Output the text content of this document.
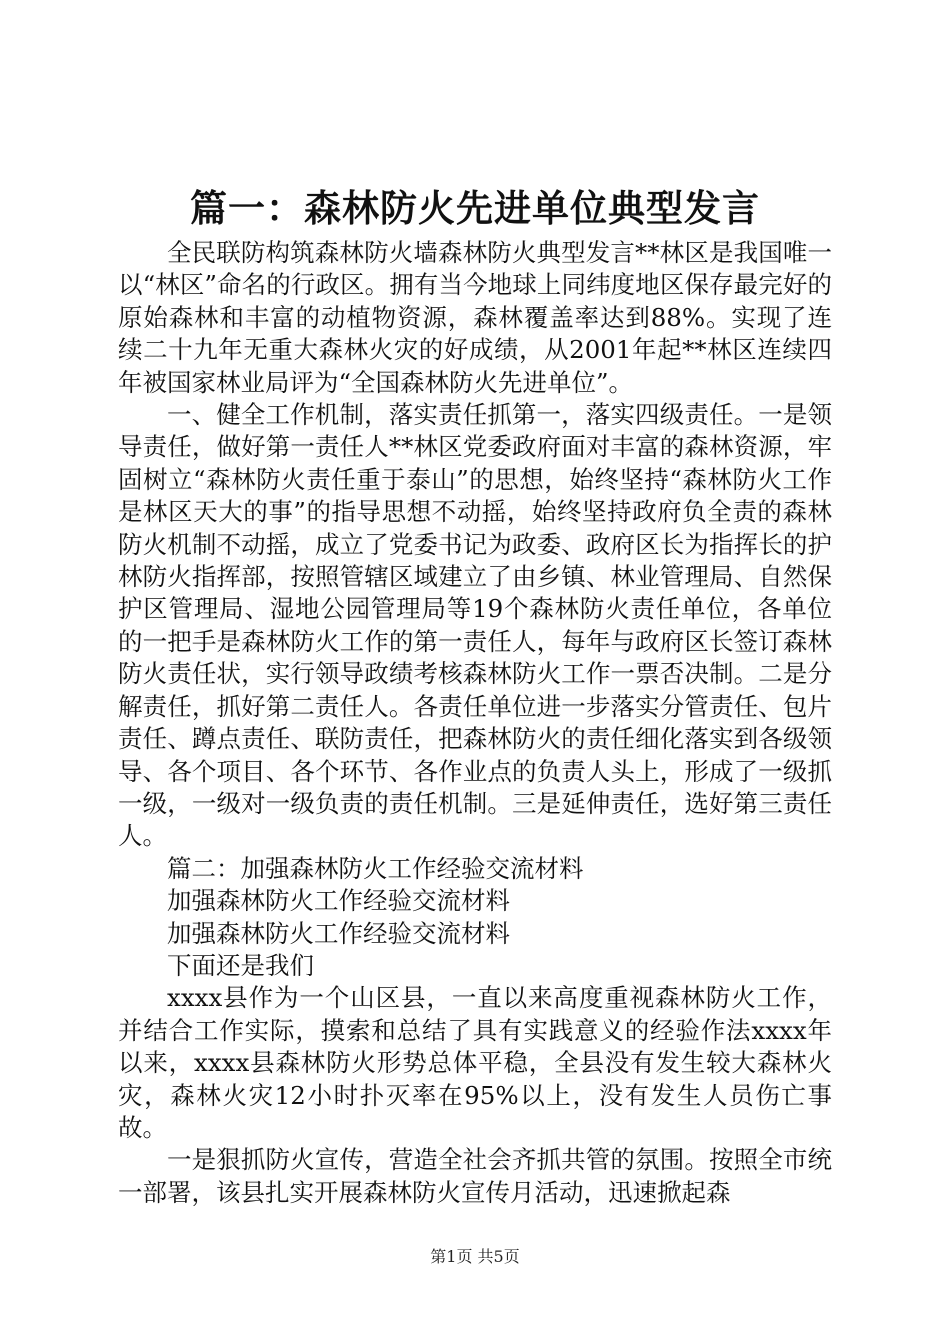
篇一：森林防火先进单位典型发言

全民联防构筑森林防火墙森林防火典型发言**林区是我国唯一以“林区”命名的行政区。拥有当今地球上同纬度地区保存最完好的原始森林和丰富的动植物资源，森林覆盖率达到88%。实现了连续二十九年无重大森林火灾的好成绩，从2001年起**林区连续四年被国家林业局评为“全国森林防火先进单位”。

一、健全工作机制，落实责任抓第一，落实四级责任。一是领导责任，做好第一责任人**林区党委政府面对丰富的森林资源，牢固树立“森林防火责任重于泰山”的思想，始终坚持“森林防火工作是林区天大的事”的指导思想不动摇，始终坚持政府负全责的森林防火机制不动摇，成立了党委书记为政委、政府区长为指挥长的护林防火指挥部，按照管辖区域建立了由乡镇、林业管理局、自然保护区管理局、湿地公园管理局等19个森林防火责任单位，各单位的一把手是森林防火工作的第一责任人，每年与政府区长签订森林防火责任状，实行领导政绩考核森林防火工作一票否决制。二是分解责任，抓好第二责任人。各责任单位进一步落实分管责任、包片责任、蹲点责任、联防责任，把森林防火的责任细化落实到各级领导、各个项目、各个环节、各作业点的负责人头上，形成了一级抓一级，一级对一级负责的责任机制。三是延伸责任，选好第三责任人。

篇二：加强森林防火工作经验交流材料

加强森林防火工作经验交流材料

加强森林防火工作经验交流材料

下面还是我们

xxxx县作为一个山区县，一直以来高度重视森林防火工作，并结合工作实际，摸索和总结了具有实践意义的经验作法xxxx年以来，xxxx县森林防火形势总体平稳，全县没有发生较大森林火灾，森林火灾12小时扑灭率在95%以上，没有发生人员伤亡事故。

一是狠抓防火宣传，营造全社会齐抓共管的氛围。按照全市统一部署，该县扎实开展森林防火宣传月活动，迅速掀起森

第1页 共5页
